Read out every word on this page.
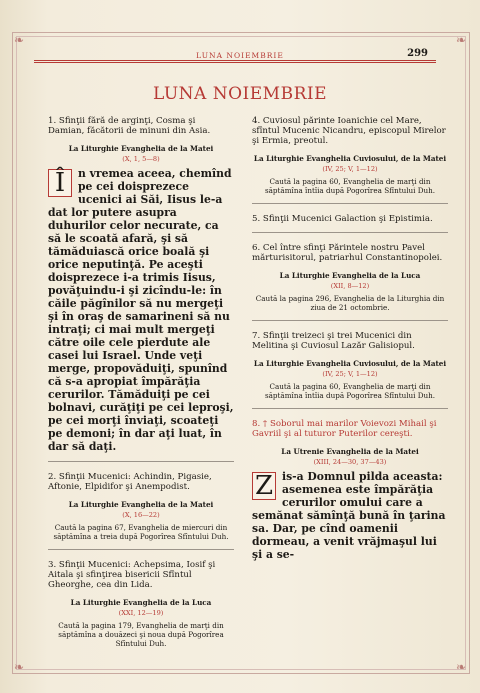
❧	❧
❧	❧
LUNA NOIEMBRIE	299
LUNA NOIEMBRIE

1. Sfinţii fără de arginţi, Cosma şi Damian, făcătorii de minuni din Asia.

La Liturghie Evanghelia de la Matei
(X, 1, 5—8)
Î	n vremea aceea, chemînd pe cei doisprezece ucenici ai Săi, Iisus le-a dat lor putere asupra duhurilor celor necurate, ca să le scoată afară, şi să tămăduiască orice boală şi orice neputinţă. Pe aceşti doisprezece i-a trimis Iisus, povăţuindu-i şi zicîndu-le: în căile păgînilor să nu mergeţi şi în oraş de samarineni să nu intraţi; ci mai mult mergeţi către oile cele pierdute ale casei lui Israel. Unde veţi merge, propovăduiţi, spunînd că s-a apropiat împărăţia cerurilor. Tămăduiţi pe cei bolnavi, curăţiţi pe cei leproşi, pe cei morţi înviaţi, scoateţi pe demoni; în dar aţi luat, în dar să daţi.

2. Sfinţii Mucenici: Achindin, Pigasie, Aftonie, Elpidifor şi Anempodist.

La Liturghie Evanghelia de la Matei
(X, 16—22)
Caută la pagina 67, Evanghelia de miercuri din săptămîna a treia după Pogorîrea Sfîntului Duh.

3. Sfinţii Mucenici: Achepsima, Iosif şi Aitala şi sfinţirea bisericii Sfîntul Gheorghe, cea din Lida.

La Liturghie Evanghelia de la Luca
(XXI, 12—19)
Caută la pagina 179, Evanghelia de marţi din săptămîna a douăzeci şi noua după Pogorîrea Sfîntului Duh.

4. Cuviosul părinte Ioanichie cel Mare, sfîntul Mucenic Nicandru, episcopul Mirelor şi Ermia, preotul.

La Liturghie Evanghelia Cuviosului, de la Matei
(IV, 25; V, 1—12)
Caută la pagina 60, Evanghelia de marţi din săptămîna întîia după Pogorîrea Sfîntului Duh.

5. Sfinţii Mucenici Galaction şi Epistimia.

6. Cel între sfinţi Părintele nostru Pavel mărturisitorul, patriarhul Constantinopolei.

La Liturghie Evanghelia de la Luca
(XII, 8—12)
Caută la pagina 296, Evanghelia de la Liturghia din ziua de 21 octombrie.

7. Sfinţii treizeci şi trei Mucenici din Melitina şi Cuviosul Lazăr Galisiopul.

La Liturghie Evanghelia Cuviosului, de la Matei
(IV, 25; V, 1—12)
Caută la pagina 60, Evanghelia de marţi din săptămîna întîia după Pogorîrea Sfîntului Duh.

8. † Soborul mai marilor Voievozi Mihail şi Gavriil şi al tuturor Puterilor cereşti.

La Utrenie Evanghelia de la Matei
(XIII, 24—30, 37—43)
Z is-a Domnul pilda aceasta: asemenea este împărăţia cerurilor omului care a semănat sămînţă bună în ţarina sa. Dar, pe cînd oamenii dormeau, a venit vrăjmaşul lui şi a se-
